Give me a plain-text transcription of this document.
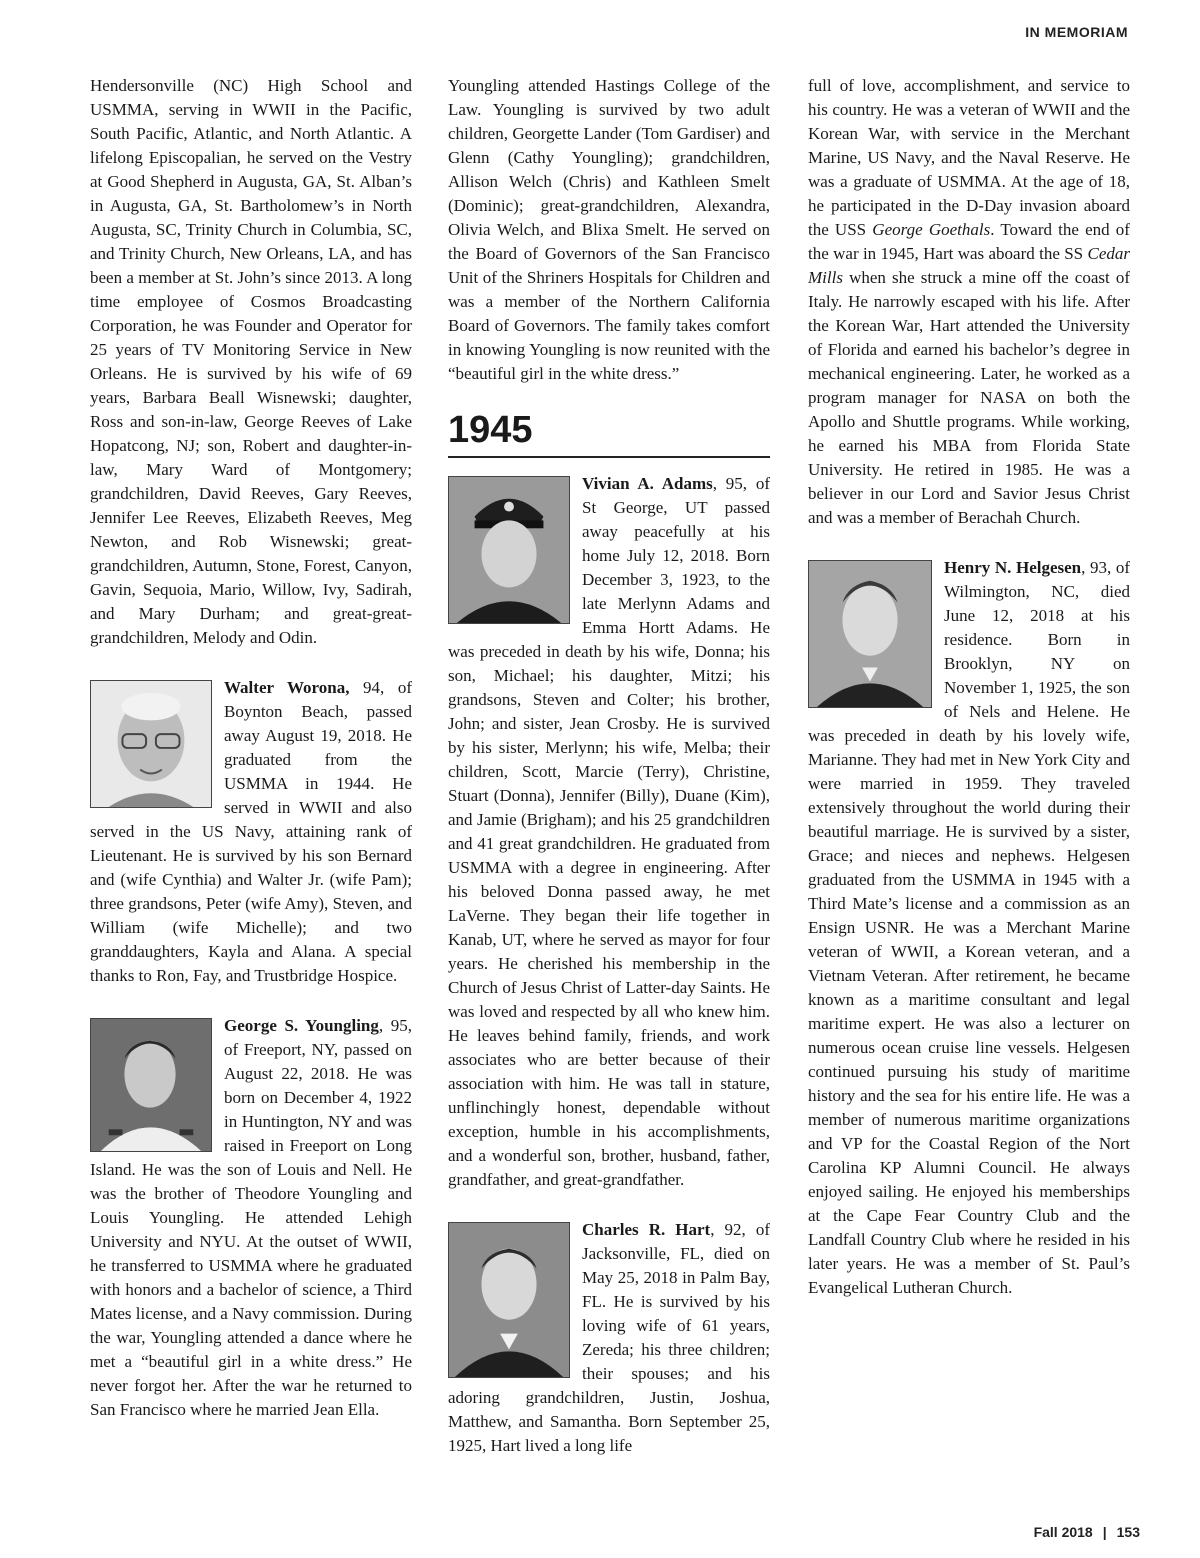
IN MEMORIAM

Hendersonville (NC) High School and USMMA, serving in WWII in the Pacific, South Pacific, Atlantic, and North Atlantic. A lifelong Episcopalian, he served on the Vestry at Good Shepherd in Augusta, GA, St. Alban’s in Augusta, GA, St. Bartholomew’s in North Augusta, SC, Trinity Church in Columbia, SC, and Trinity Church, New Orleans, LA, and has been a member at St. John’s since 2013. A long time employee of Cosmos Broadcasting Corporation, he was Founder and Operator for 25 years of TV Monitoring Service in New Orleans. He is survived by his wife of 69 years, Barbara Beall Wisnewski; daughter, Ross and son-in-law, George Reeves of Lake Hopatcong, NJ; son, Robert and daughter-in-law, Mary Ward of Montgomery; grandchildren, David Reeves, Gary Reeves, Jennifer Lee Reeves, Elizabeth Reeves, Meg Newton, and Rob Wisnewski; great-grandchildren, Autumn, Stone, Forest, Canyon, Gavin, Sequoia, Mario, Willow, Ivy, Sadirah, and Mary Durham; and great-great-grandchildren, Melody and Odin.

Walter Worona, 94, of Boynton Beach, passed away August 19, 2018. He graduated from the USMMA in 1944. He served in WWII and also served in the US Navy, attaining rank of Lieutenant. He is survived by his son Bernard and (wife Cynthia) and Walter Jr. (wife Pam); three grandsons, Peter (wife Amy), Steven, and William (wife Michelle); and two granddaughters, Kayla and Alana. A special thanks to Ron, Fay, and Trustbridge Hospice.

George S. Youngling, 95, of Freeport, NY, passed on August 22, 2018. He was born on December 4, 1922 in Huntington, NY and was raised in Freeport on Long Island. He was the son of Louis and Nell. He was the brother of Theodore Youngling and Louis Youngling. He attended Lehigh University and NYU. At the outset of WWII, he transferred to USMMA where he graduated with honors and a bachelor of science, a Third Mates license, and a Navy commission. During the war, Youngling attended a dance where he met a “beautiful girl in a white dress.” He never forgot her. After the war he returned to San Francisco where he married Jean Ella.

Youngling attended Hastings College of the Law. Youngling is survived by two adult children, Georgette Lander (Tom Gardiser) and Glenn (Cathy Youngling); grandchildren, Allison Welch (Chris) and Kathleen Smelt (Dominic); great-grandchildren, Alexandra, Olivia Welch, and Blixa Smelt. He served on the Board of Governors of the San Francisco Unit of the Shriners Hospitals for Children and was a member of the Northern California Board of Governors. The family takes comfort in knowing Youngling is now reunited with the “beautiful girl in the white dress.”

1945

Vivian A. Adams, 95, of St George, UT passed away peacefully at his home July 12, 2018. Born December 3, 1923, to the late Merlynn Adams and Emma Hortt Adams. He was preceded in death by his wife, Donna; his son, Michael; his daughter, Mitzi; his grandsons, Steven and Colter; his brother, John; and sister, Jean Crosby. He is survived by his sister, Merlynn; his wife, Melba; their children, Scott, Marcie (Terry), Christine, Stuart (Donna), Jennifer (Billy), Duane (Kim), and Jamie (Brigham); and his 25 grandchildren and 41 great grandchildren. He graduated from USMMA with a degree in engineering. After his beloved Donna passed away, he met LaVerne. They began their life together in Kanab, UT, where he served as mayor for four years. He cherished his membership in the Church of Jesus Christ of Latter-day Saints. He was loved and respected by all who knew him. He leaves behind family, friends, and work associates who are better because of their association with him. He was tall in stature, unflinchingly honest, dependable without exception, humble in his accomplishments, and a wonderful son, brother, husband, father, grandfather, and great-grandfather.

Charles R. Hart, 92, of Jacksonville, FL, died on May 25, 2018 in Palm Bay, FL. He is survived by his loving wife of 61 years, Zereda; his three children; their spouses; and his adoring grandchildren, Justin, Joshua, Matthew, and Samantha. Born September 25, 1925, Hart lived a long life

full of love, accomplishment, and service to his country. He was a veteran of WWII and the Korean War, with service in the Merchant Marine, US Navy, and the Naval Reserve. He was a graduate of USMMA. At the age of 18, he participated in the D-Day invasion aboard the USS George Goethals. Toward the end of the war in 1945, Hart was aboard the SS Cedar Mills when she struck a mine off the coast of Italy. He narrowly escaped with his life. After the Korean War, Hart attended the University of Florida and earned his bachelor’s degree in mechanical engineering. Later, he worked as a program manager for NASA on both the Apollo and Shuttle programs. While working, he earned his MBA from Florida State University. He retired in 1985. He was a believer in our Lord and Savior Jesus Christ and was a member of Berachah Church.

Henry N. Helgesen, 93, of Wilmington, NC, died June 12, 2018 at his residence. Born in Brooklyn, NY on November 1, 1925, the son of Nels and Helene. He was preceded in death by his lovely wife, Marianne. They had met in New York City and were married in 1959. They traveled extensively throughout the world during their beautiful marriage. He is survived by a sister, Grace; and nieces and nephews. Helgesen graduated from the USMMA in 1945 with a Third Mate’s license and a commission as an Ensign USNR. He was a Merchant Marine veteran of WWII, a Korean veteran, and a Vietnam Veteran. After retirement, he became known as a maritime consultant and legal maritime expert. He was also a lecturer on numerous ocean cruise line vessels. Helgesen continued pursuing his study of maritime history and the sea for his entire life. He was a member of numerous maritime organizations and VP for the Coastal Region of the Nort Carolina KP Alumni Council. He always enjoyed sailing. He enjoyed his memberships at the Cape Fear Country Club and the Landfall Country Club where he resided in his later years. He was a member of St. Paul’s Evangelical Lutheran Church.

Fall 2018 | 153
